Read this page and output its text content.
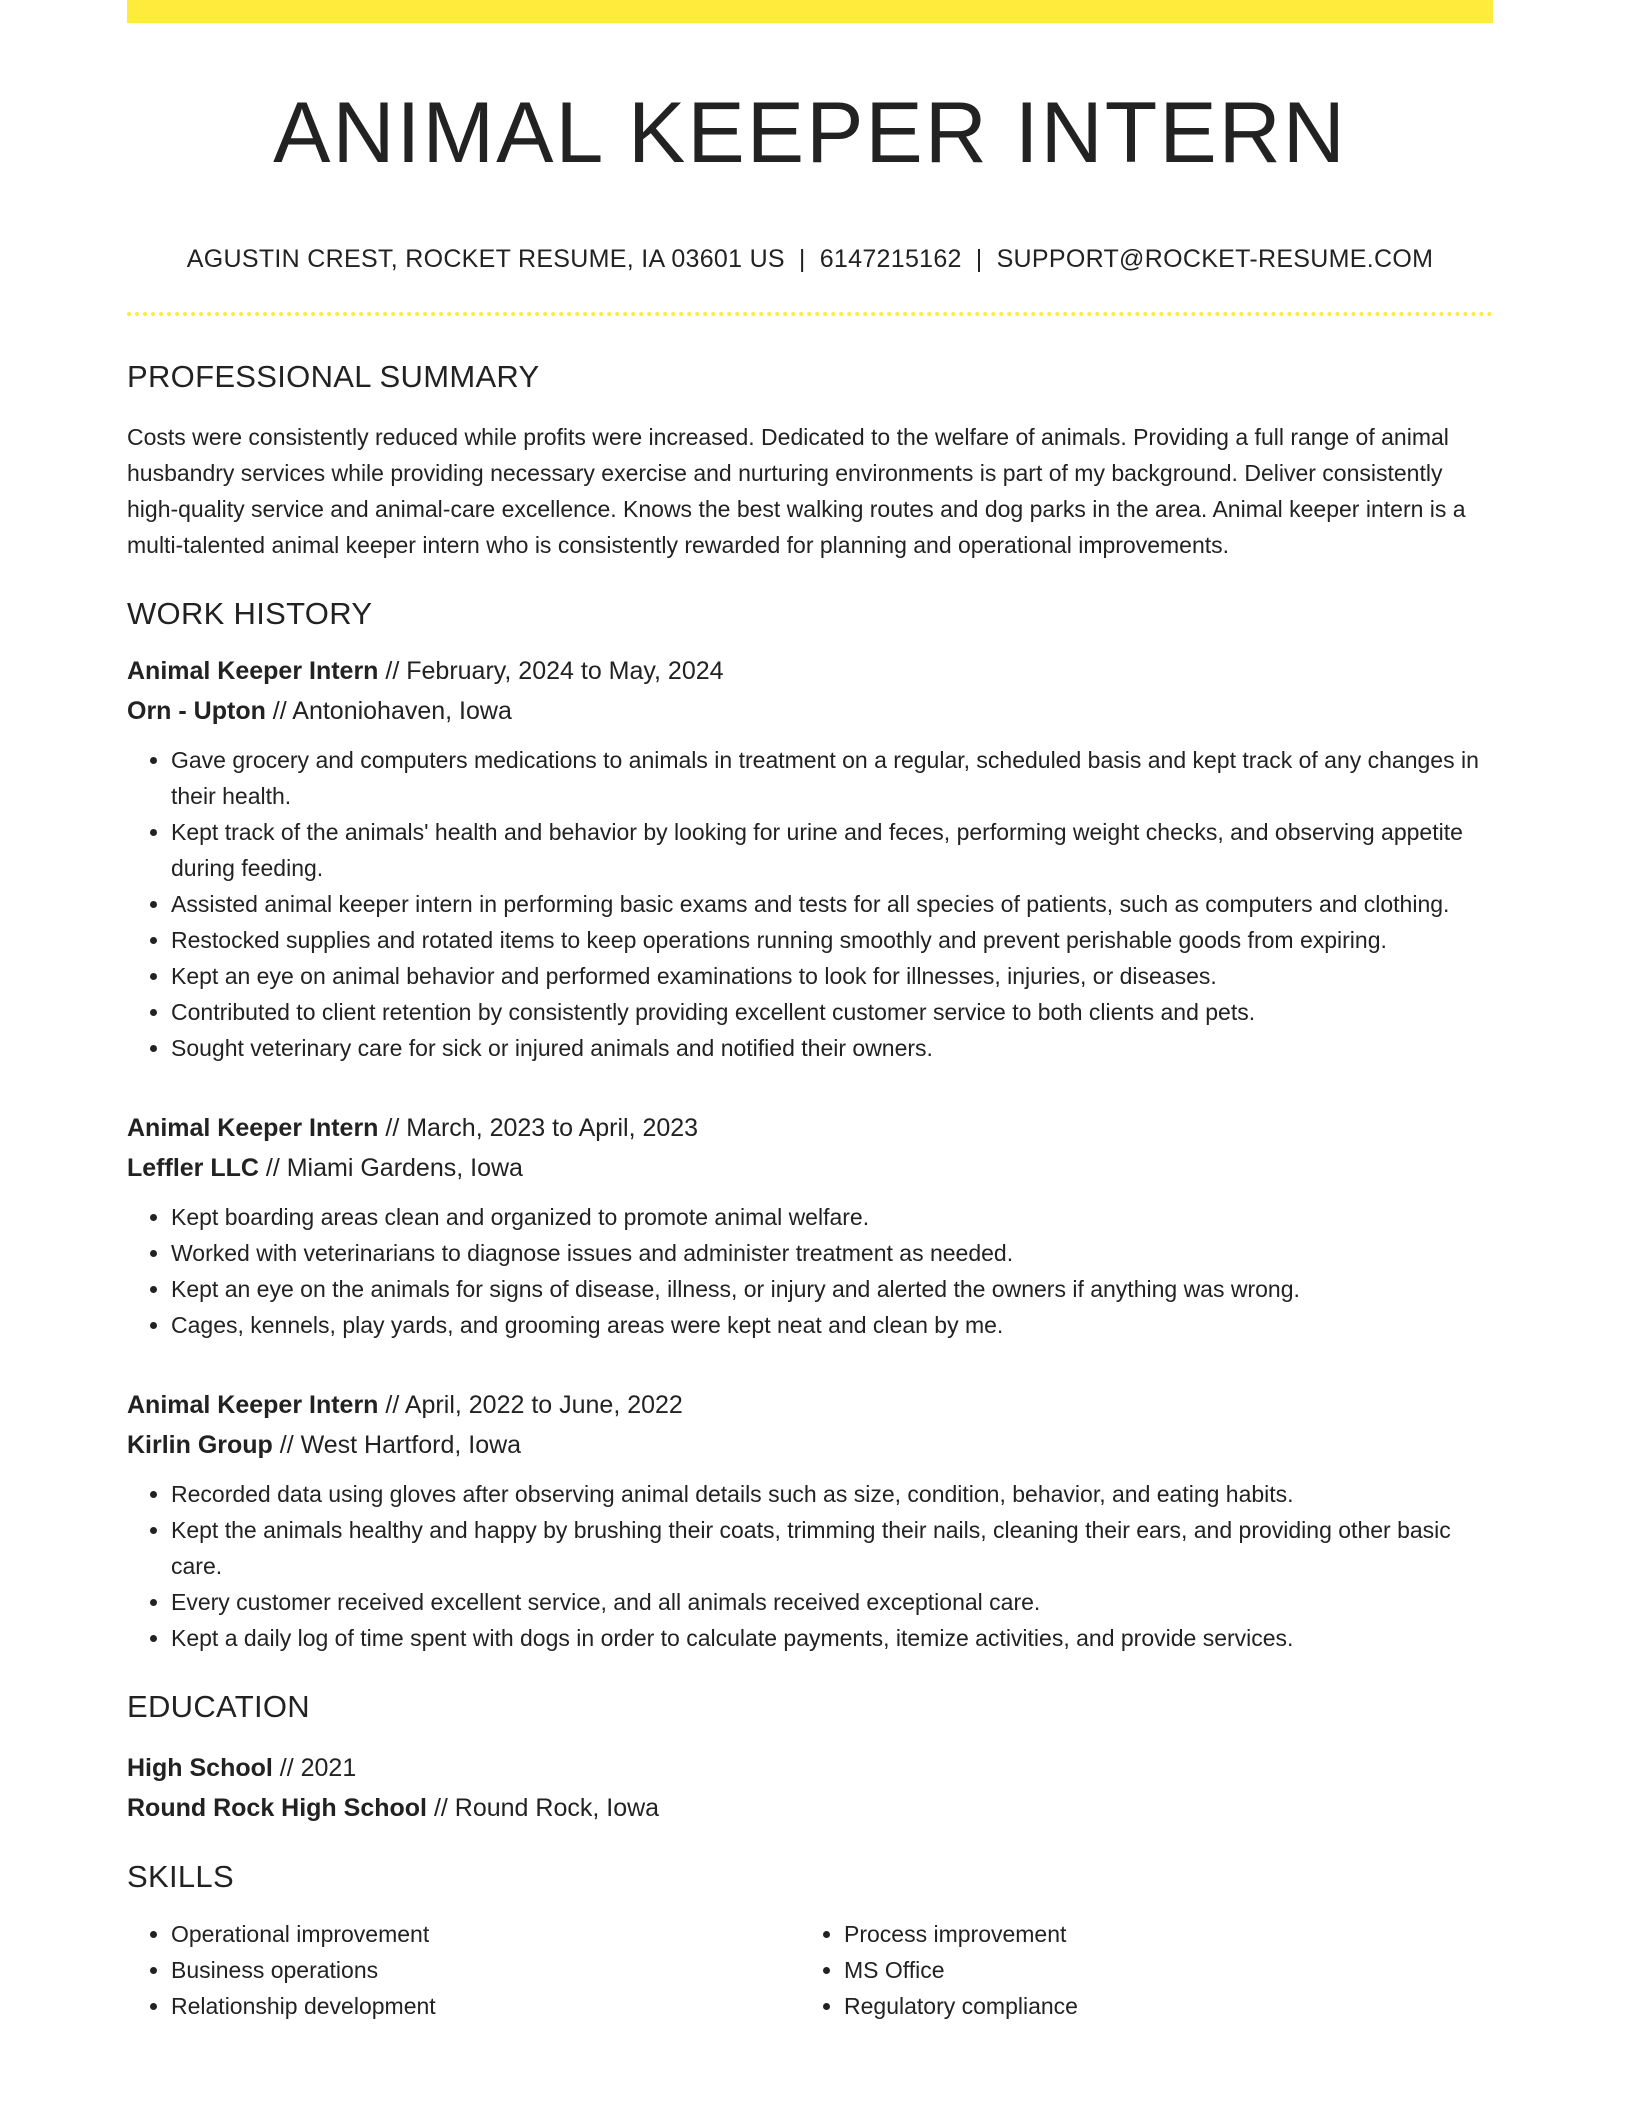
ANIMAL KEEPER INTERN
AGUSTIN CREST, ROCKET RESUME, IA 03601 US | 6147215162 | SUPPORT@ROCKET-RESUME.COM
PROFESSIONAL SUMMARY
Costs were consistently reduced while profits were increased. Dedicated to the welfare of animals. Providing a full range of animal husbandry services while providing necessary exercise and nurturing environments is part of my background. Deliver consistently high-quality service and animal-care excellence. Knows the best walking routes and dog parks in the area. Animal keeper intern is a multi-talented animal keeper intern who is consistently rewarded for planning and operational improvements.
WORK HISTORY
Animal Keeper Intern // February, 2024 to May, 2024
Orn - Upton // Antoniohaven, Iowa
• Gave grocery and computers medications to animals in treatment on a regular, scheduled basis and kept track of any changes in their health.
• Kept track of the animals' health and behavior by looking for urine and feces, performing weight checks, and observing appetite during feeding.
• Assisted animal keeper intern in performing basic exams and tests for all species of patients, such as computers and clothing.
• Restocked supplies and rotated items to keep operations running smoothly and prevent perishable goods from expiring.
• Kept an eye on animal behavior and performed examinations to look for illnesses, injuries, or diseases.
• Contributed to client retention by consistently providing excellent customer service to both clients and pets.
• Sought veterinary care for sick or injured animals and notified their owners.
Animal Keeper Intern // March, 2023 to April, 2023
Leffler LLC // Miami Gardens, Iowa
• Kept boarding areas clean and organized to promote animal welfare.
• Worked with veterinarians to diagnose issues and administer treatment as needed.
• Kept an eye on the animals for signs of disease, illness, or injury and alerted the owners if anything was wrong.
• Cages, kennels, play yards, and grooming areas were kept neat and clean by me.
Animal Keeper Intern // April, 2022 to June, 2022
Kirlin Group // West Hartford, Iowa
• Recorded data using gloves after observing animal details such as size, condition, behavior, and eating habits.
• Kept the animals healthy and happy by brushing their coats, trimming their nails, cleaning their ears, and providing other basic care.
• Every customer received excellent service, and all animals received exceptional care.
• Kept a daily log of time spent with dogs in order to calculate payments, itemize activities, and provide services.
EDUCATION
High School // 2021
Round Rock High School // Round Rock, Iowa
SKILLS
• Operational improvement
• Business operations
• Relationship development
• Process improvement
• MS Office
• Regulatory compliance
